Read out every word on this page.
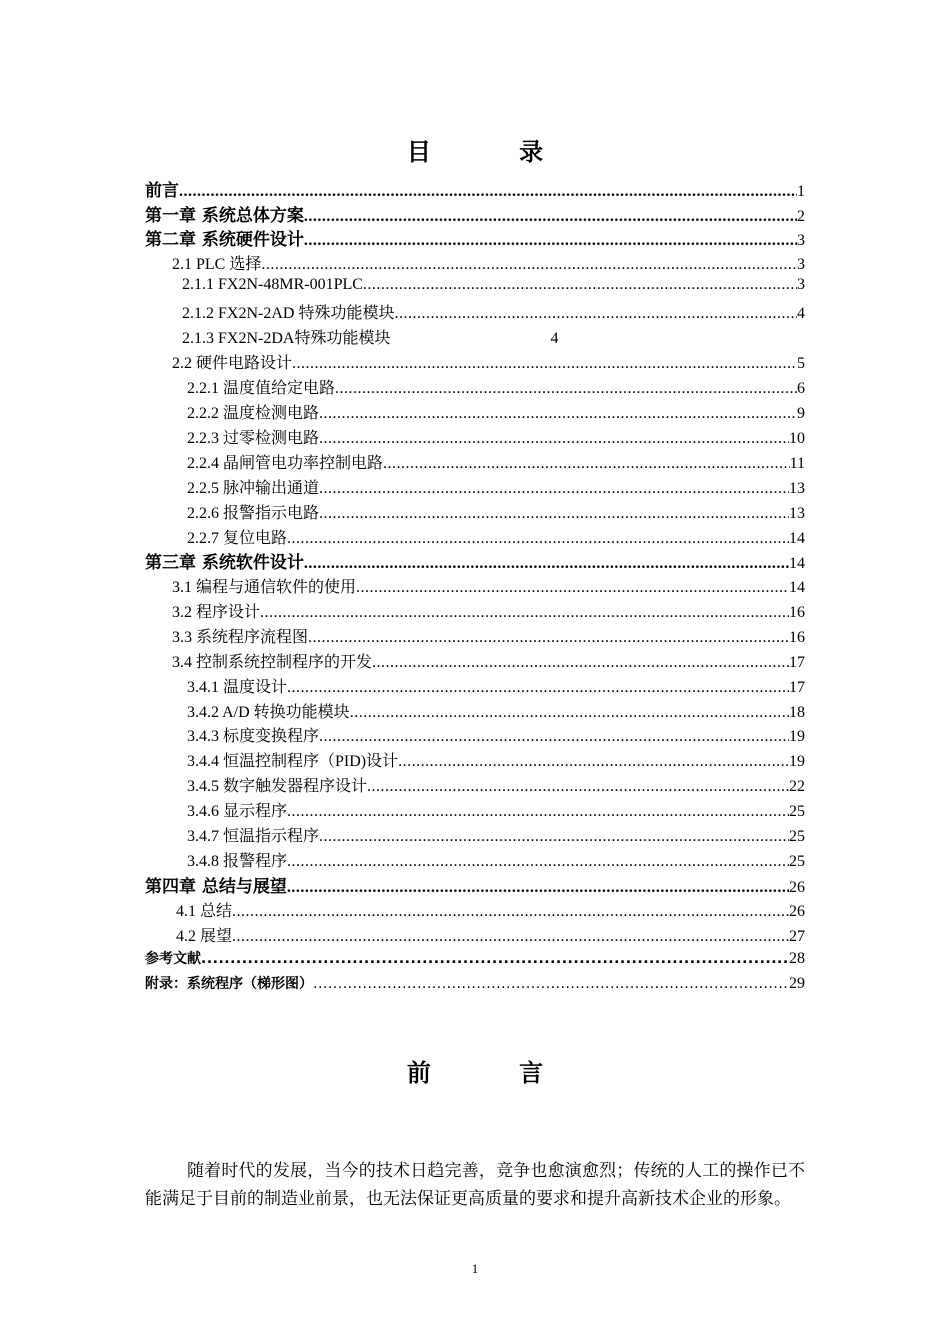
目 录
前言 .....	1
第一章 系统总体方案 .....	2
第二章 系统硬件设计 .....	3
2.1 PLC 选择 .....	3
2.1.1 FX2N-48MR-001PLC .....	3
2.1.2 FX2N-2AD 特殊功能模块 .....	4
2.1.3 FX2N-2DA特殊功能模块	4
2.2 硬件电路设计 .....	5
2.2.1 温度值给定电路 .....	6
2.2.2 温度检测电路 .....	9
2.2.3 过零检测电路 .....	10
2.2.4 晶闸管电功率控制电路 .....	11
2.2.5 脉冲输出通道 .....	13
2.2.6 报警指示电路 .....	13
2.2.7 复位电路 .....	14
第三章 系统软件设计 .....	14
3.1 编程与通信软件的使用 .....	14
3.2 程序设计 .....	16
3.3 系统程序流程图 .....	16
3.4 控制系统控制程序的开发 .....	17
3.4.1 温度设计 .....	17
3.4.2 A/D 转换功能模块 .....	18
3.4.3 标度变换程序 .....	19
3.4.4 恒温控制程序（PID)设计 .....	19
3.4.5 数字触发器程序设计 .....	22
3.4.6 显示程序 .....	25
3.4.7 恒温指示程序 .....	25
3.4.8 报警程序 .....	25
第四章 总结与展望 .....	26
4.1 总结 .....	26
4.2 展望 .....	27
参考文献 .....	28
附录：系统程序（梯形图） .....	29
前 言

随着时代的发展，当今的技术日趋完善，竞争也愈演愈烈；传统的人工的操作已不能满足于目前的制造业前景，也无法保证更高质量的要求和提升高新技术企业的形象。

1
